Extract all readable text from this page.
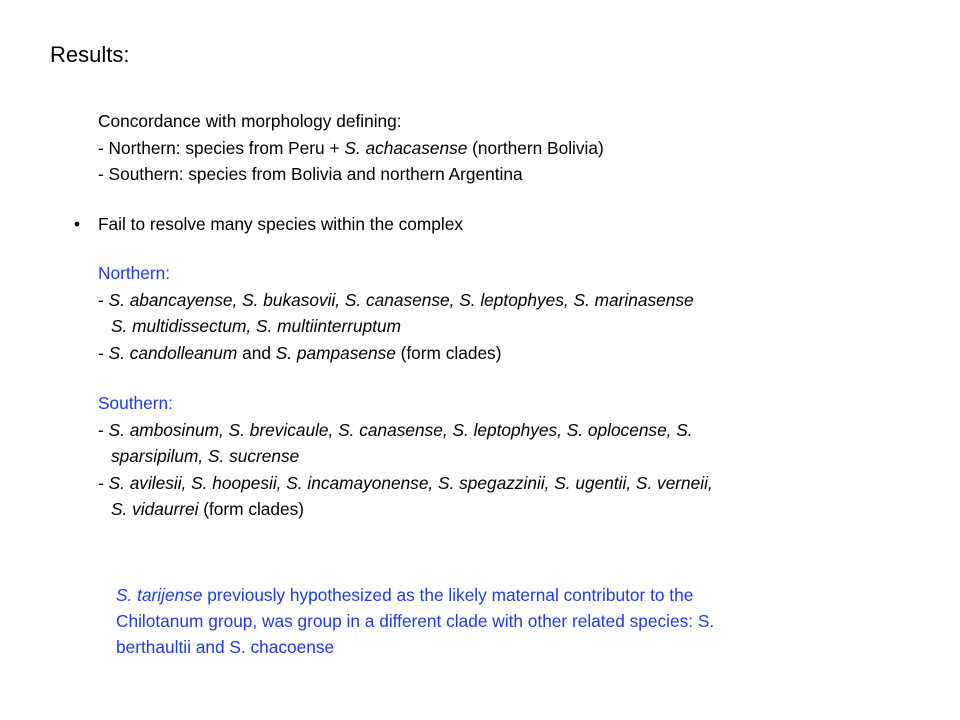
Results:
Concordance with morphology defining:
- Northern: species from Peru + S. achacasense (northern Bolivia)
- Southern: species from Bolivia and northern Argentina
• Fail to resolve many species within the complex
Northern:
- S. abancayense, S. bukasovii, S. canasense, S. leptophyes, S. marinasense
S. multidissectum, S. multiinterruptum
- S. candolleanum and S. pampasense (form clades)
Southern:
- S. ambosinum, S. brevicaule, S. canasense, S. leptophyes, S. oplocense, S.
sparsipilum, S. sucrense
- S. avilesii, S. hoopesii, S. incamayonense, S. spegazzinii, S. ugentii, S. verneii,
S. vidaurrei (form clades)
S. tarijense previously hypothesized as the likely maternal contributor to the
Chilotanum group, was group in a different clade with other related species: S.
berthaultii and S. chacoense
